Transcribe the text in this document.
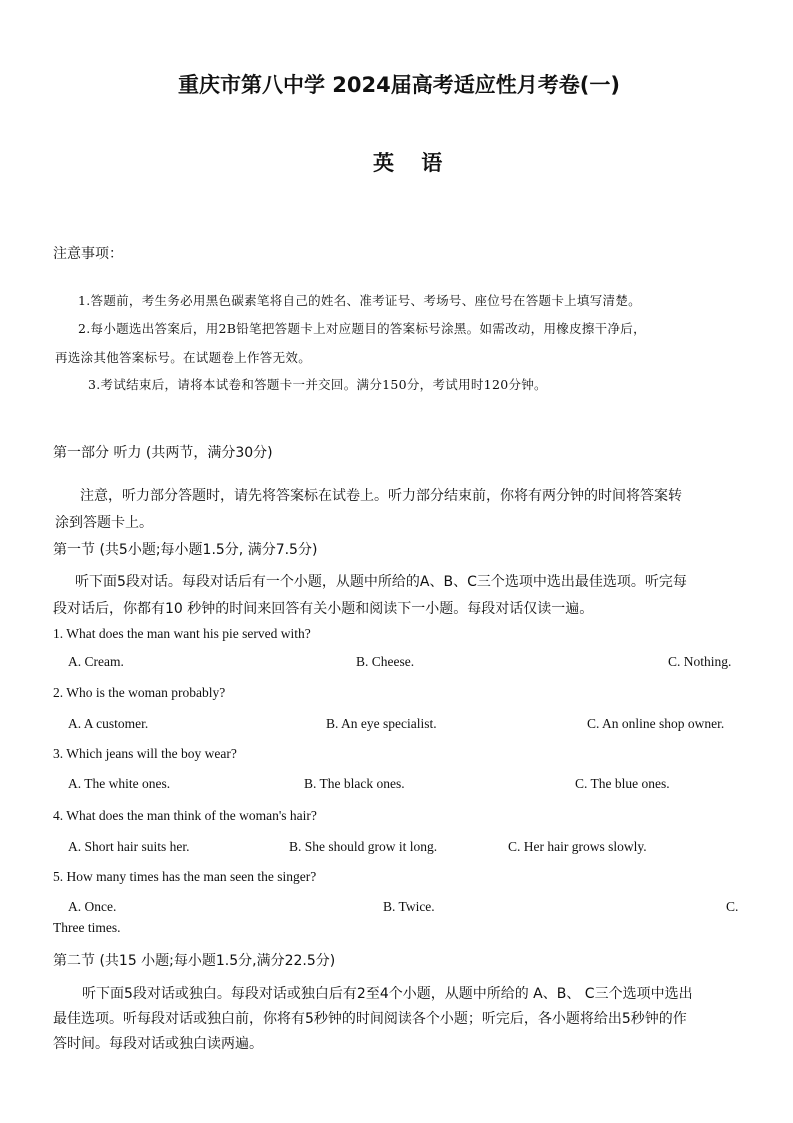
重庆市第八中学 2024届高考适应性月考卷(一)
英 语
注意事项：
1.答题前，考生务必用黑色碳素笔将自己的姓名、准考证号、考场号、座位号在答题卡上填写清楚。
2.每小题选出答案后，用2B铅笔把答题卡上对应题目的答案标号涂黑。如需改动，用橡皮擦干净后，
再选涂其他答案标号。在试题卷上作答无效。
3.考试结束后，请将本试卷和答题卡一并交回。满分150分，考试用时120分钟。
第一部分 听力 (共两节，满分30分)
注意，听力部分答题时，请先将答案标在试卷上。听力部分结束前，你将有两分钟的时间将答案转
涂到答题卡上。
第一节 (共5小题;每小题1.5分, 满分7.5分)
听下面5段对话。每段对话后有一个小题，从题中所给的A、B、C三个选项中选出最佳选项。听完每
段对话后，你都有10 秒钟的时间来回答有关小题和阅读下一小题。每段对话仅读一遍。
1. What does the man want his pie served with?
A. Cream.	B. Cheese.	C. Nothing.
2. Who is the woman probably?
A. A customer.	B. An eye specialist.	C. An online shop owner.
3. Which jeans will the boy wear?
A. The white ones.	B. The black ones.	C. The blue ones.
4. What does the man think of the woman's hair?
A. Short hair suits her.	B. She should grow it long.	C. Her hair grows slowly.
5. How many times has the man seen the singer?
A. Once.	B. Twice.	C.
Three times.
第二节 (共15 小题;每小题1.5分,满分22.5分)
听下面5段对话或独白。每段对话或独白后有2至4个小题，从题中所给的 A、B、 C三个选项中选出
最佳选项。听每段对话或独白前，你将有5秒钟的时间阅读各个小题；听完后，各小题将给出5秒钟的作
答时间。每段对话或独白读两遍。
